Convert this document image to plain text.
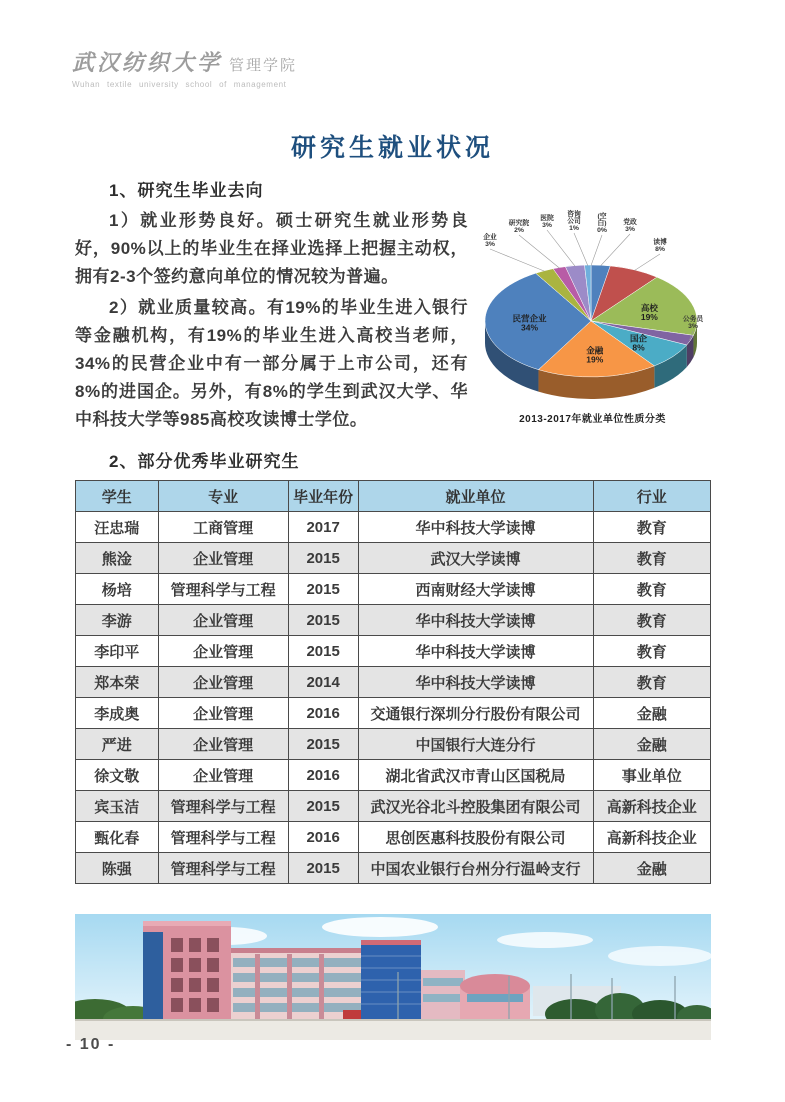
武汉纺织大学 管理学院
Wuhan textile university school of management
研究生就业状况
1、研究生毕业去向
高校 19%
国企 8%
金融 19%
民营企业 34%
企业 3%
研究院 2%
医院 3%
咨询公司 1%
(空白) 0%
党政 3%
读博 8%
公务员 3%
2013-2017年就业单位性质分类

1）就业形势良好。硕士研究生就业形势良好，90%以上的毕业生在择业选择上把握主动权，拥有2-3个签约意向单位的情况较为普遍。

2）就业质量较高。有19%的毕业生进入银行等金融机构，有19%的毕业生进入高校当老师，34%的民营企业中有一部分属于上市公司，还有8%的进国企。另外，有8%的学生到武汉大学、华中科技大学等985高校攻读博士学位。

2、部分优秀毕业研究生
学生	专业	毕业年份	就业单位	行业
汪忠瑞	工商管理	2017	华中科技大学读博	教育
熊淦	企业管理	2015	武汉大学读博	教育
杨培	管理科学与工程	2015	西南财经大学读博	教育
李游	企业管理	2015	华中科技大学读博	教育
李印平	企业管理	2015	华中科技大学读博	教育
郑本荣	企业管理	2014	华中科技大学读博	教育
李成奥	企业管理	2016	交通银行深圳分行股份有限公司	金融
严进	企业管理	2015	中国银行大连分行	金融
徐文敬	企业管理	2016	湖北省武汉市青山区国税局	事业单位
宾玉洁	管理科学与工程	2015	武汉光谷北斗控股集团有限公司	高新科技企业
甄化春	管理科学与工程	2016	思创医惠科技股份有限公司	高新科技企业
陈强	管理科学与工程	2015	中国农业银行台州分行温岭支行	金融
- 10 -
